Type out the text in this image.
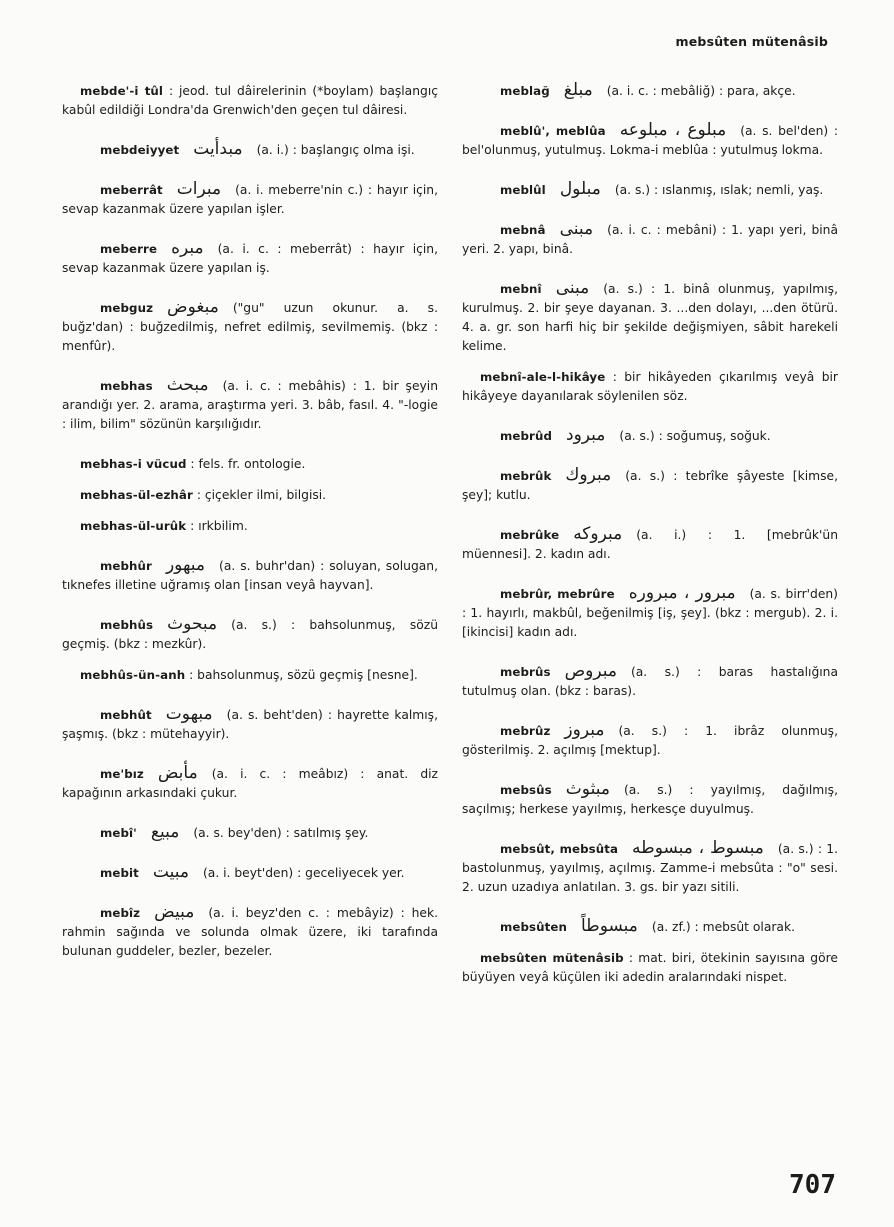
mebsûten mütenâsib

mebde'-i tûl : jeod. tul dâirelerinin (*boylam) başlangıç kabûl edildiği Londra'da Grenwich'den geçen tul dâiresi.

mebdeiyyet مبدأیت (a. i.) : başlangıç olma işi.

meberrât مبرات (a. i. meberre'nin c.) : hayır için, sevap kazanmak üzere yapılan işler.

meberre مبره (a. i. c. : meberrât) : hayır için, sevap kazanmak üzere yapılan iş.

mebguz مبغوض ("gu" uzun okunur. a. s. buğz'dan) : buğzedilmiş, nefret edilmiş, sevilmemiş. (bkz : menfûr).

mebhas مبحث (a. i. c. : mebâhis) : 1. bir şeyin arandığı yer. 2. arama, araştırma yeri. 3. bâb, fasıl. 4. "-logie : ilim, bilim" sözünün karşılığıdır.

mebhas-i vücud : fels. fr. ontologie.

mebhas-ül-ezhâr : çiçekler ilmi, bilgisi.

mebhas-ül-urûk : ırkbilim.

mebhûr مبهور (a. s. buhr'dan) : soluyan, solugan, tıknefes illetine uğramış olan [insan veyâ hayvan].

mebhûs مبحوث (a. s.) : bahsolunmuş, sözü geçmiş. (bkz : mezkûr).

mebhûs-ün-anh : bahsolunmuş, sözü geçmiş [nesne].

mebhût مبهوت (a. s. beht'den) : hayrette kalmış, şaşmış. (bkz : mütehayyir).

me'bız مأبض (a. i. c. : meâbız) : anat. diz kapağının arkasındaki çukur.

mebî' مبیع (a. s. bey'den) : satılmış şey.

mebit مبیت (a. i. beyt'den) : geceliyecek yer.

mebîz مبیض (a. i. beyz'den c. : mebâyiz) : hek. rahmin sağında ve solunda olmak üzere, iki tarafında bulunan guddeler, bezler, bezeler.

meblağ مبلغ (a. i. c. : mebâliğ) : para, akçe.

meblû', meblûa مبلوع ، مبلوعه (a. s. bel'den) : bel'olunmuş, yutulmuş. Lokma-i meblûa : yutulmuş lokma.

meblûl مبلول (a. s.) : ıslanmış, ıslak; nemli, yaş.

mebnâ مبنى (a. i. c. : mebâni) : 1. yapı yeri, binâ yeri. 2. yapı, binâ.

mebnî مبنی (a. s.) : 1. binâ olunmuş, yapılmış, kurulmuş. 2. bir şeye dayanan. 3. ...den dolayı, ...den ötürü. 4. a. gr. son harfi hiç bir şekilde değişmiyen, sâbit harekeli kelime.

mebnî-ale-l-hikâye : bir hikâyeden çıkarılmış veyâ bir hikâyeye dayanılarak söylenilen söz.

mebrûd مبرود (a. s.) : soğumuş, soğuk.

mebrûk مبروك (a. s.) : tebrîke şâyeste [kimse, şey]; kutlu.

mebrûke مبروكه (a. i.) : 1. [mebrûk'ün müennesi]. 2. kadın adı.

mebrûr, mebrûre مبرور ، مبروره (a. s. birr'den) : 1. hayırlı, makbûl, beğenilmiş [iş, şey]. (bkz : mergub). 2. i. [ikincisi] kadın adı.

mebrûs مبروص (a. s.) : baras hastalığına tutulmuş olan. (bkz : baras).

mebrûz مبروز (a. s.) : 1. ibrâz olunmuş, gösterilmiş. 2. açılmış [mektup].

mebsûs مبثوث (a. s.) : yayılmış, dağılmış, saçılmış; herkese yayılmış, herkesçe duyulmuş.

mebsût, mebsûta مبسوط ، مبسوطه (a. s.) : 1. bastolunmuş, yayılmış, açılmış. Zamme-i mebsûta : "o" sesi. 2. uzun uzadıya anlatılan. 3. gs. bir yazı sitili.

mebsûten مبسوطاً (a. zf.) : mebsût olarak.

mebsûten mütenâsib : mat. biri, ötekinin sayısına göre büyüyen veyâ küçülen iki adedin aralarındaki nispet.

707
